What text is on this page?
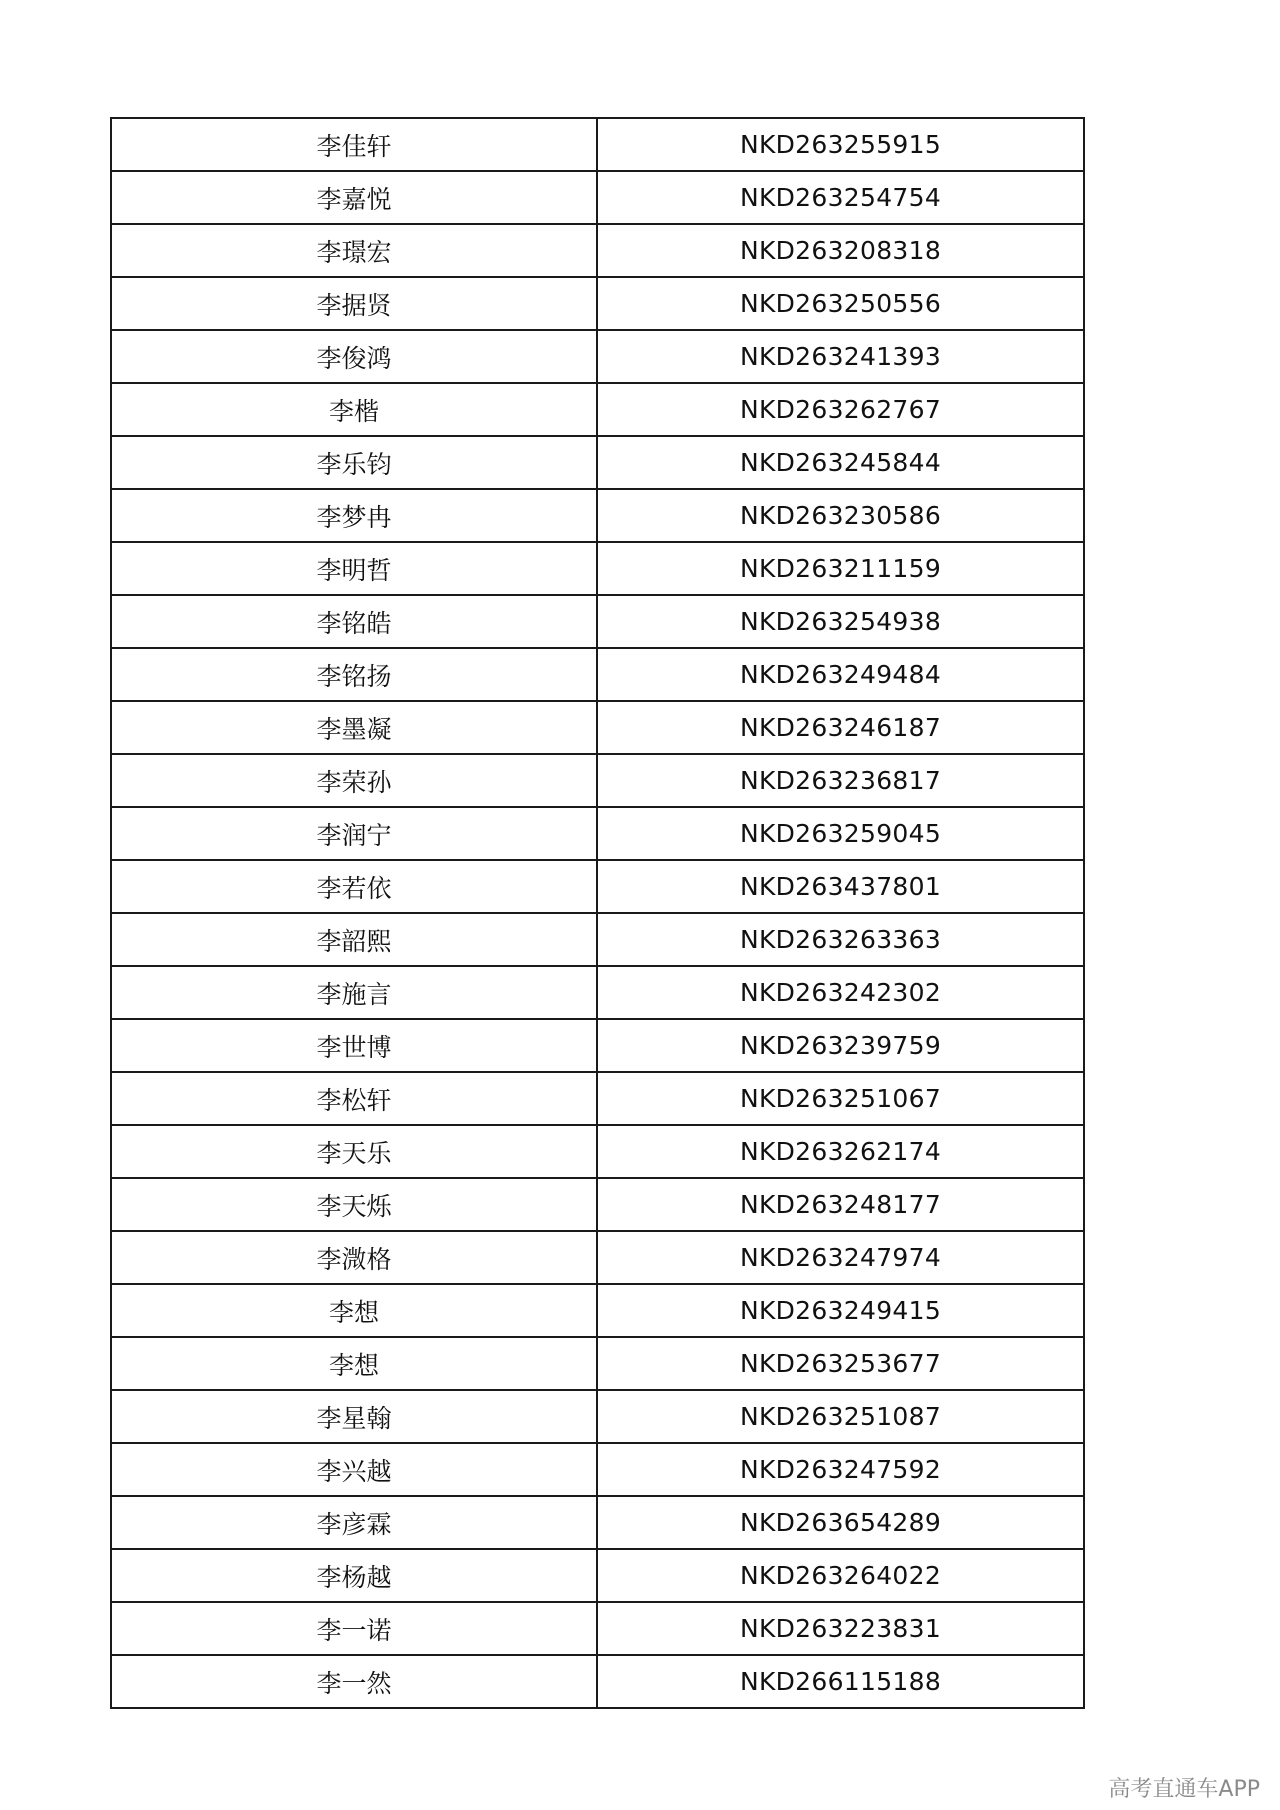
李佳轩	NKD263255915
李嘉悦	NKD263254754
李璟宏	NKD263208318
李据贤	NKD263250556
李俊鸿	NKD263241393
李楷	NKD263262767
李乐钧	NKD263245844
李梦冉	NKD263230586
李明哲	NKD263211159
李铭皓	NKD263254938
李铭扬	NKD263249484
李墨凝	NKD263246187
李荣孙	NKD263236817
李润宁	NKD263259045
李若依	NKD263437801
李韶熙	NKD263263363
李施言	NKD263242302
李世博	NKD263239759
李松轩	NKD263251067
李天乐	NKD263262174
李天烁	NKD263248177
李溦格	NKD263247974
李想	NKD263249415
李想	NKD263253677
李星翰	NKD263251087
李兴越	NKD263247592
李彦霖	NKD263654289
李杨越	NKD263264022
李一诺	NKD263223831
李一然	NKD266115188
高考直通车APP
